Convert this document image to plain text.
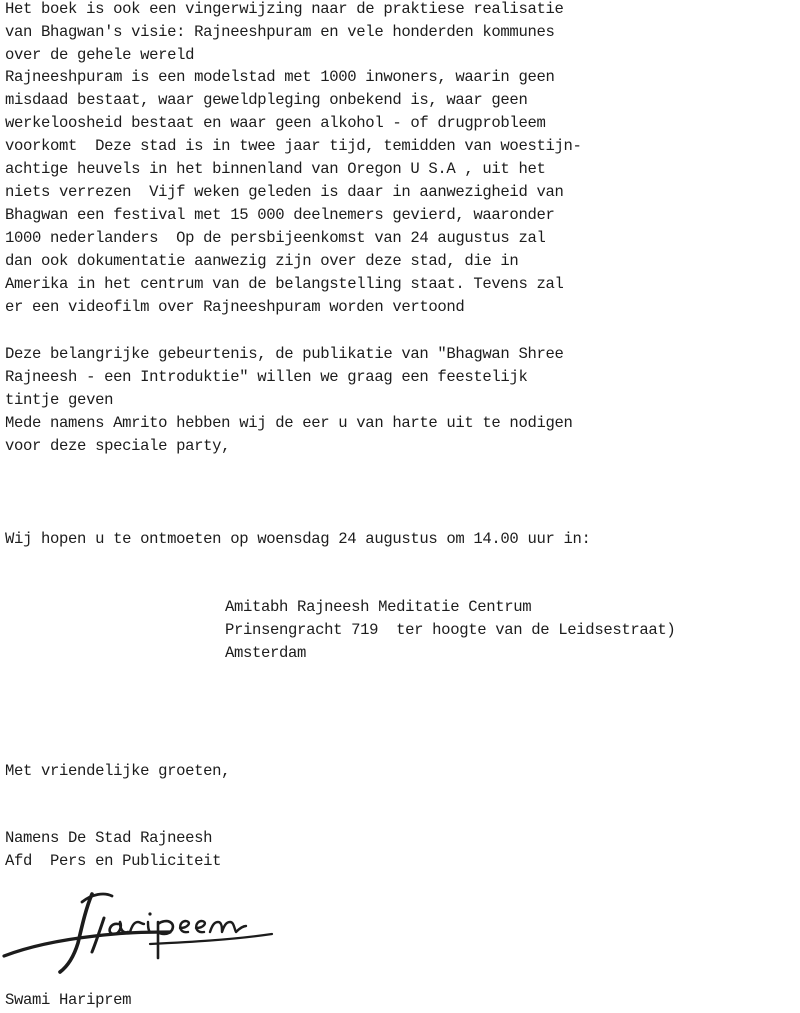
Het boek is ook een vingerwijzing naar de praktiese realisatie
van Bhagwan's visie: Rajneeshpuram en vele honderden kommunes
over de gehele wereld
Rajneeshpuram is een modelstad met 1000 inwoners, waarin geen
misdaad bestaat, waar geweldpleging onbekend is, waar geen
werkeloosheid bestaat en waar geen alkohol - of drugprobleem
voorkomt  Deze stad is in twee jaar tijd, temidden van woestijn-
achtige heuvels in het binnenland van Oregon U S.A , uit het
niets verrezen  Vijf weken geleden is daar in aanwezigheid van
Bhagwan een festival met 15 000 deelnemers gevierd, waaronder
1000 nederlanders  Op de persbijeenkomst van 24 augustus zal
dan ook dokumentatie aanwezig zijn over deze stad, die in
Amerika in het centrum van de belangstelling staat. Tevens zal
er een videofilm over Rajneeshpuram worden vertoond
Deze belangrijke gebeurtenis, de publikatie van "Bhagwan Shree
Rajneesh - een Introduktie" willen we graag een feestelijk
tintje geven
Mede namens Amrito hebben wij de eer u van harte uit te nodigen
voor deze speciale party,
Wij hopen u te ontmoeten op woensdag 24 augustus om 14.00 uur in:
Amitabh Rajneesh Meditatie Centrum
Prinsengracht 719  ter hoogte van de Leidsestraat)
Amsterdam
Met vriendelijke groeten,
Namens De Stad Rajneesh
Afd  Pers en Publiciteit
Swami Hariprem
